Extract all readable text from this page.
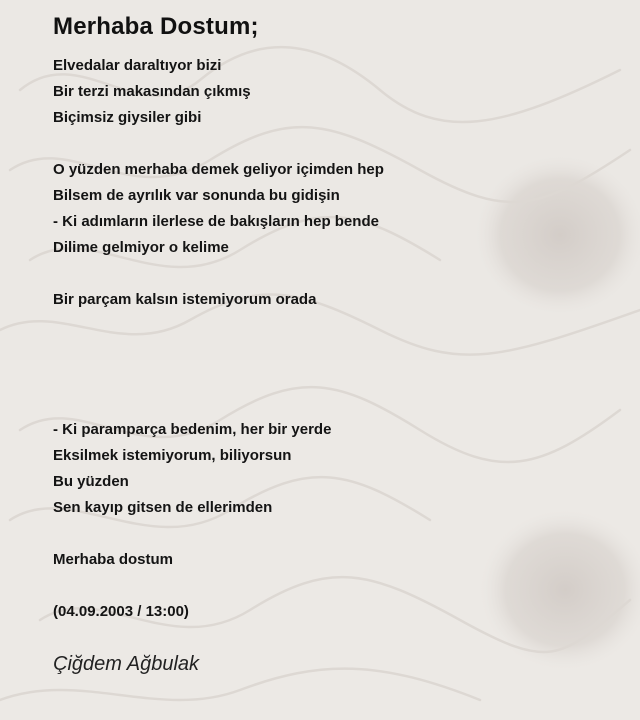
Merhaba Dostum;
Elvedalar daraltıyor bizi
Bir terzi makasından çıkmış
Biçimsiz giysiler gibi
O yüzden merhaba demek geliyor içimden hep
Bilsem de ayrılık var sonunda bu gidişin
- Ki adımların ilerlese de bakışların hep bende
Dilime gelmiyor o kelime
Bir parçam kalsın istemiyorum orada
- Ki paramparça bedenim, her bir yerde
Eksilmek istemiyorum, biliyorsun
Bu yüzden
Sen kayıp gitsen de ellerimden
Merhaba dostum
(04.09.2003 / 13:00)
Çiğdem Ağbulak
